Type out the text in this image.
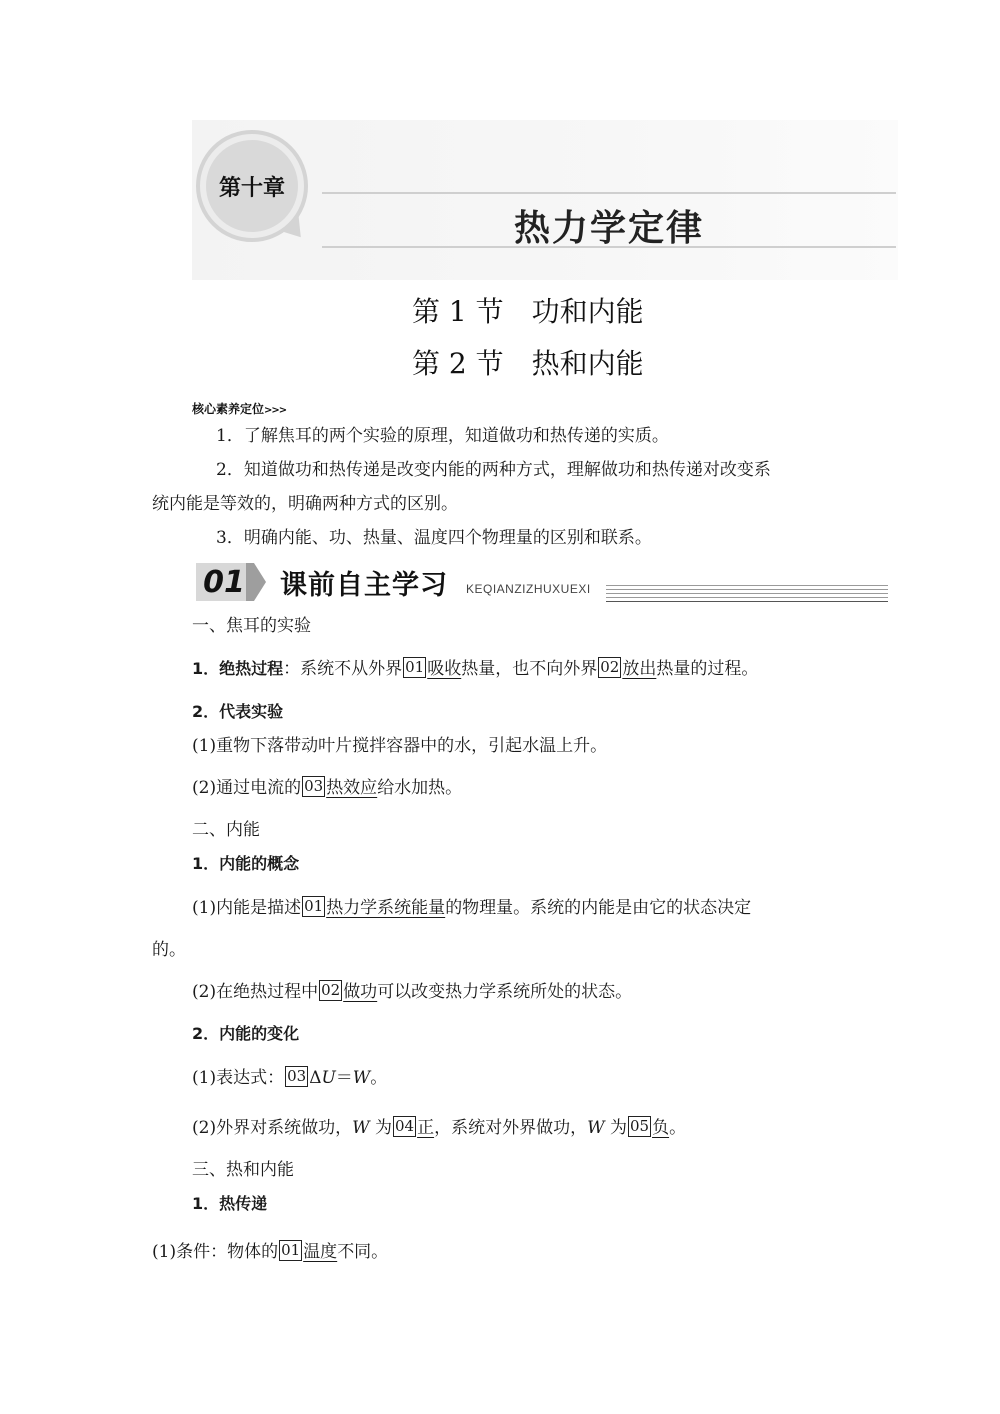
第十章
热力学定律
第 1 节　功和内能
第 2 节　热和内能
核心素养定位>>>
1．了解焦耳的两个实验的原理，知道做功和热传递的实质。
2．知道做功和热传递是改变内能的两种方式，理解做功和热传递对改变系
统内能是等效的，明确两种方式的区别。
3．明确内能、功、热量、温度四个物理量的区别和联系。
01 课前自主学习 KEQIANZIZHUXUEXI
一、焦耳的实验
1．绝热过程：系统不从外界 01 吸收热量，也不向外界 02 放出热量的过程。
2．代表实验
(1)重物下落带动叶片搅拌容器中的水，引起水温上升。
(2)通过电流的 03 热效应给水加热。
二、内能
1．内能的概念
(1)内能是描述 01 热力学系统能量的物理量。系统的内能是由它的状态决定
的。
(2)在绝热过程中 02 做功可以改变热力学系统所处的状态。
2．内能的变化
(1)表达式： 03 ΔU＝W。
(2)外界对系统做功，W 为 04 正，系统对外界做功，W 为 05 负。
三、热和内能
1．热传递
(1)条件：物体的 01 温度不同。
